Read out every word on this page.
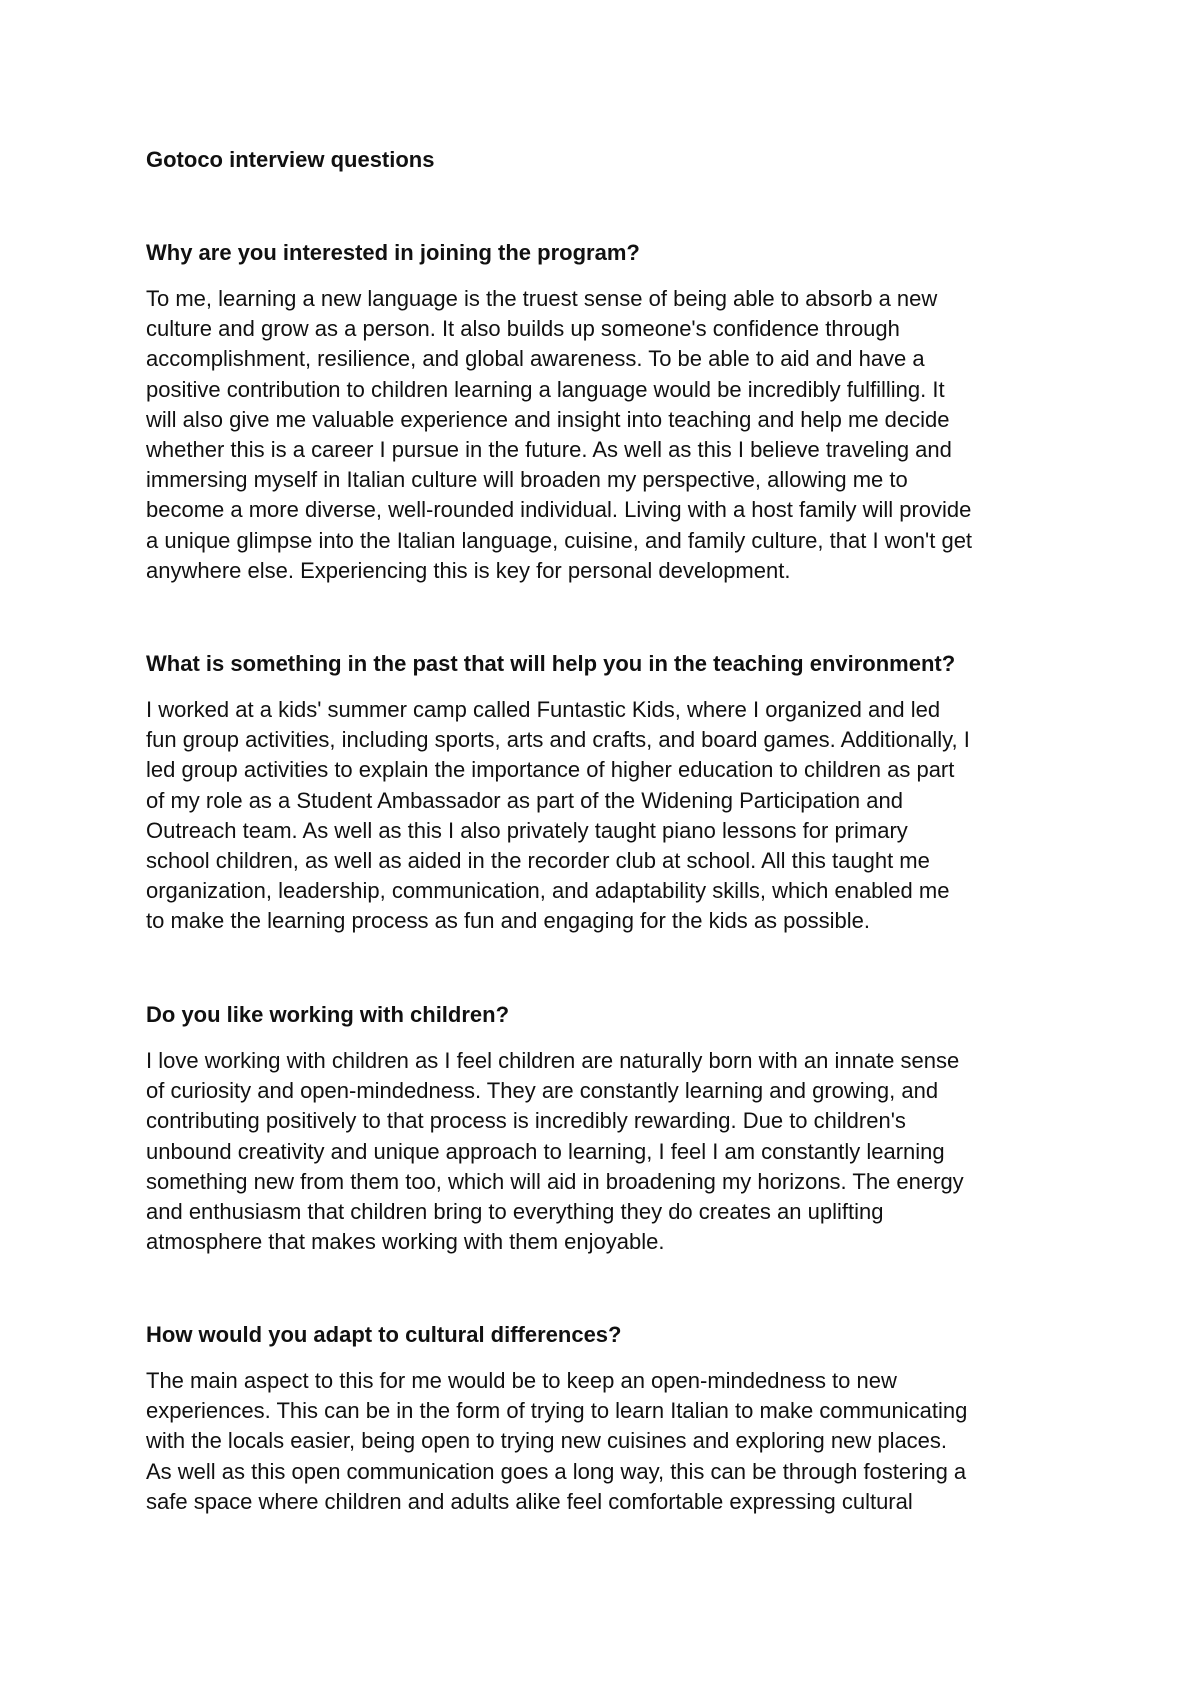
Gotoco interview questions
Why are you interested in joining the program?
To me, learning a new language is the truest sense of being able to absorb a new
culture and grow as a person. It also builds up someone's confidence through
accomplishment, resilience, and global awareness. To be able to aid and have a
positive contribution to children learning a language would be incredibly fulfilling. It
will also give me valuable experience and insight into teaching and help me decide
whether this is a career I pursue in the future. As well as this I believe traveling and
immersing myself in Italian culture will broaden my perspective, allowing me to
become a more diverse, well-rounded individual. Living with a host family will provide
a unique glimpse into the Italian language, cuisine, and family culture, that I won't get
anywhere else. Experiencing this is key for personal development.
What is something in the past that will help you in the teaching environment?
I worked at a kids' summer camp called Funtastic Kids, where I organized and led
fun group activities, including sports, arts and crafts, and board games. Additionally, I
led group activities to explain the importance of higher education to children as part
of my role as a Student Ambassador as part of the Widening Participation and
Outreach team. As well as this I also privately taught piano lessons for primary
school children, as well as aided in the recorder club at school. All this taught me
organization, leadership, communication, and adaptability skills, which enabled me
to make the learning process as fun and engaging for the kids as possible.
Do you like working with children?
I love working with children as I feel children are naturally born with an innate sense
of curiosity and open-mindedness. They are constantly learning and growing, and
contributing positively to that process is incredibly rewarding. Due to children's
unbound creativity and unique approach to learning, I feel I am constantly learning
something new from them too, which will aid in broadening my horizons. The energy
and enthusiasm that children bring to everything they do creates an uplifting
atmosphere that makes working with them enjoyable.
How would you adapt to cultural differences?
The main aspect to this for me would be to keep an open-mindedness to new
experiences. This can be in the form of trying to learn Italian to make communicating
with the locals easier, being open to trying new cuisines and exploring new places.
As well as this open communication goes a long way, this can be through fostering a
safe space where children and adults alike feel comfortable expressing cultural
